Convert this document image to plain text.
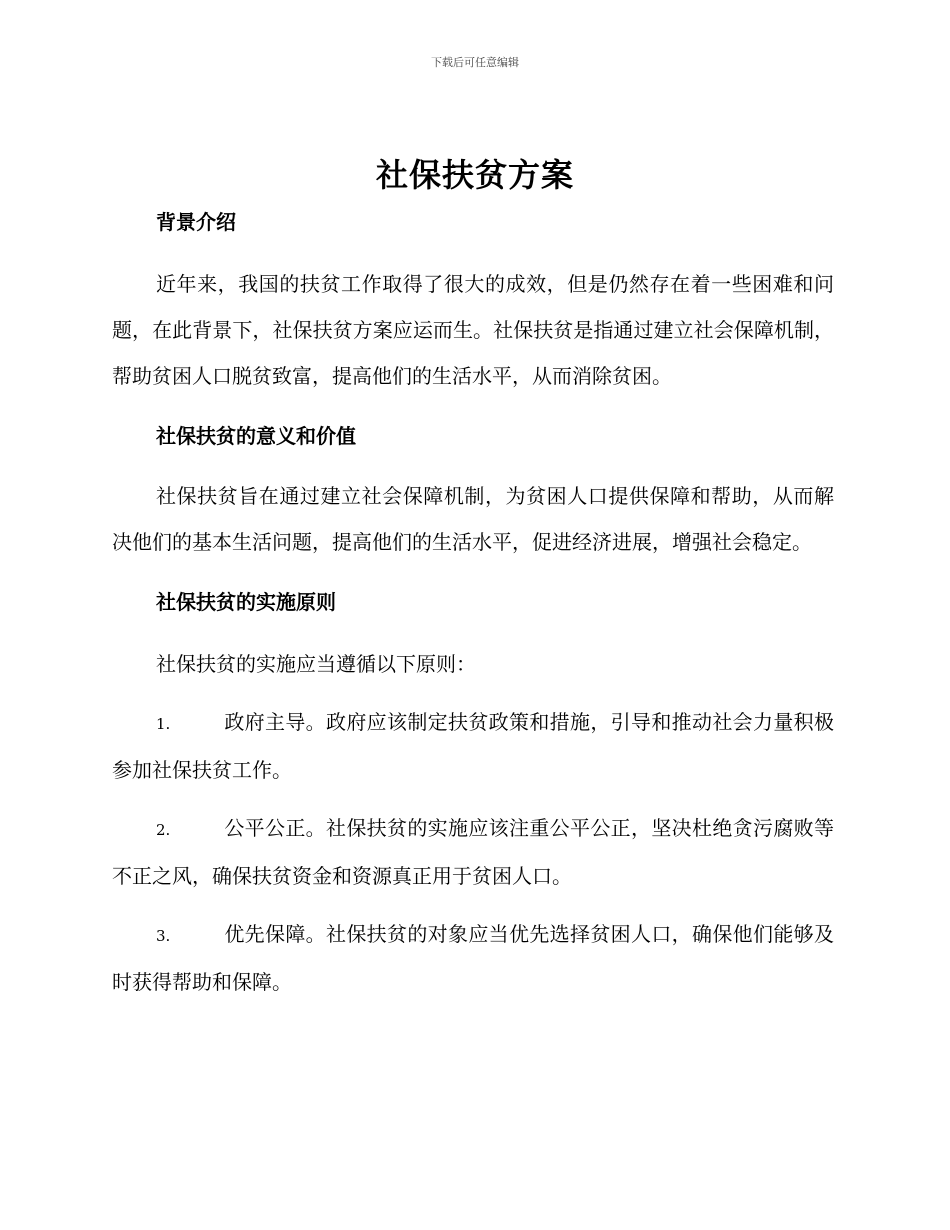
下载后可任意编辑
社保扶贫方案

背景介绍

近年来，我国的扶贫工作取得了很大的成效，但是仍然存在着一些困难和问题，在此背景下，社保扶贫方案应运而生。社保扶贫是指通过建立社会保障机制，帮助贫困人口脱贫致富，提高他们的生活水平，从而消除贫困。

社保扶贫的意义和价值

社保扶贫旨在通过建立社会保障机制，为贫困人口提供保障和帮助，从而解决他们的基本生活问题，提高他们的生活水平，促进经济进展，增强社会稳定。

社保扶贫的实施原则

社保扶贫的实施应当遵循以下原则：

1.	政府主导。政府应该制定扶贫政策和措施，引导和推动社会力量积极参加社保扶贫工作。

2.	公平公正。社保扶贫的实施应该注重公平公正，坚决杜绝贪污腐败等不正之风，确保扶贫资金和资源真正用于贫困人口。

3.	优先保障。社保扶贫的对象应当优先选择贫困人口，确保他们能够及时获得帮助和保障。
